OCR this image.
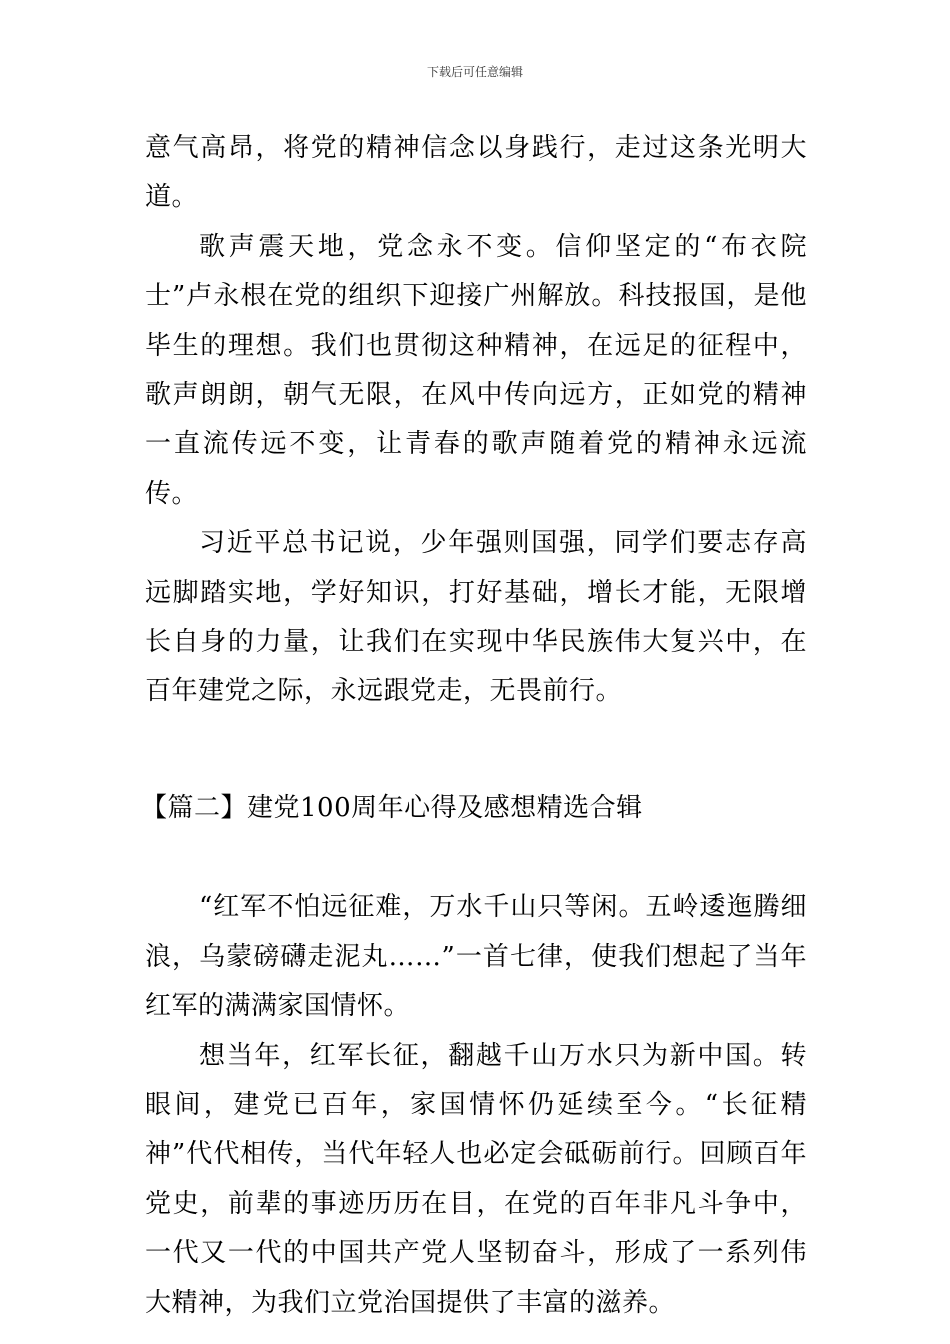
下载后可任意编辑

意气高昂，将党的精神信念以身践行，走过这条光明大道。

歌声震天地，党念永不变。信仰坚定的“布衣院士”卢永根在党的组织下迎接广州解放。科技报国，是他毕生的理想。我们也贯彻这种精神，在远足的征程中，歌声朗朗，朝气无限，在风中传向远方，正如党的精神一直流传远不变，让青春的歌声随着党的精神永远流传。

习近平总书记说，少年强则国强，同学们要志存高远脚踏实地，学好知识，打好基础，增长才能，无限增长自身的力量，让我们在实现中华民族伟大复兴中，在百年建党之际，永远跟党走，无畏前行。

【篇二】建党100周年心得及感想精选合辑

“红军不怕远征难，万水千山只等闲。五岭逶迤腾细浪，乌蒙磅礴走泥丸……”一首七律，使我们想起了当年红军的满满家国情怀。

想当年，红军长征，翻越千山万水只为新中国。转眼间，建党已百年，家国情怀仍延续至今。“长征精神”代代相传，当代年轻人也必定会砥砺前行。回顾百年党史，前辈的事迹历历在目，在党的百年非凡斗争中，一代又一代的中国共产党人坚韧奋斗，形成了一系列伟大精神，为我们立党治国提供了丰富的滋养。
